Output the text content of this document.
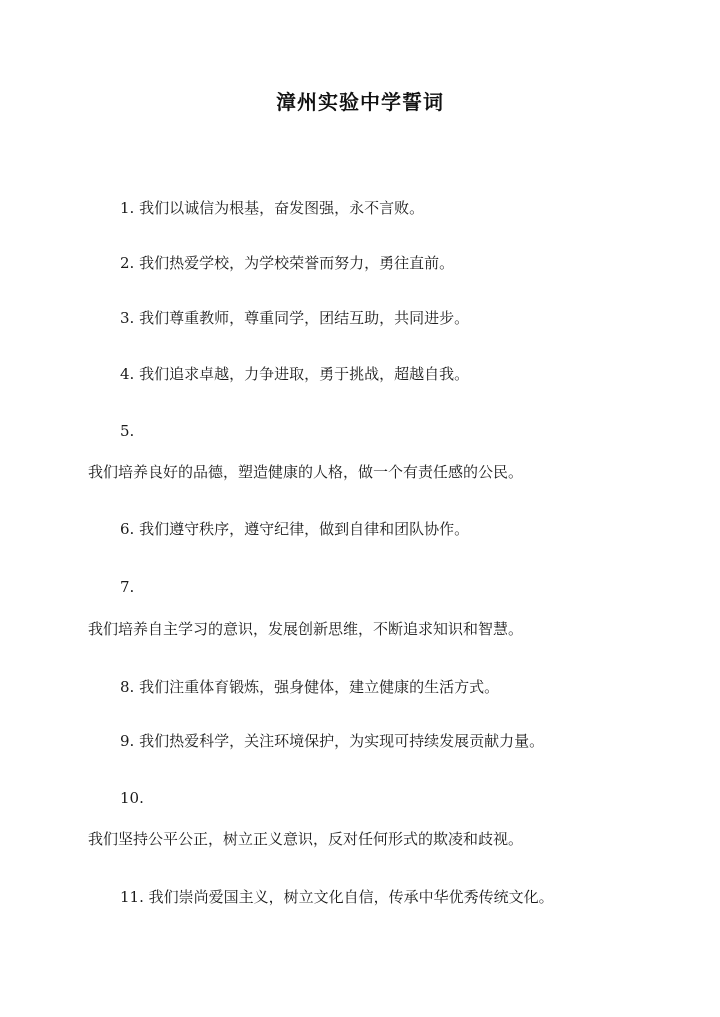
漳州实验中学誓词
1. 我们以诚信为根基，奋发图强，永不言败。
2. 我们热爱学校，为学校荣誉而努力，勇往直前。
3. 我们尊重教师，尊重同学，团结互助，共同进步。
4. 我们追求卓越，力争进取，勇于挑战，超越自我。
5.
我们培养良好的品德，塑造健康的人格，做一个有责任感的公民。
6. 我们遵守秩序，遵守纪律，做到自律和团队协作。
7.
我们培养自主学习的意识，发展创新思维，不断追求知识和智慧。
8. 我们注重体育锻炼，强身健体，建立健康的生活方式。
9. 我们热爱科学，关注环境保护，为实现可持续发展贡献力量。
10.
我们坚持公平公正，树立正义意识，反对任何形式的欺凌和歧视。
11. 我们崇尚爱国主义，树立文化自信，传承中华优秀传统文化。
